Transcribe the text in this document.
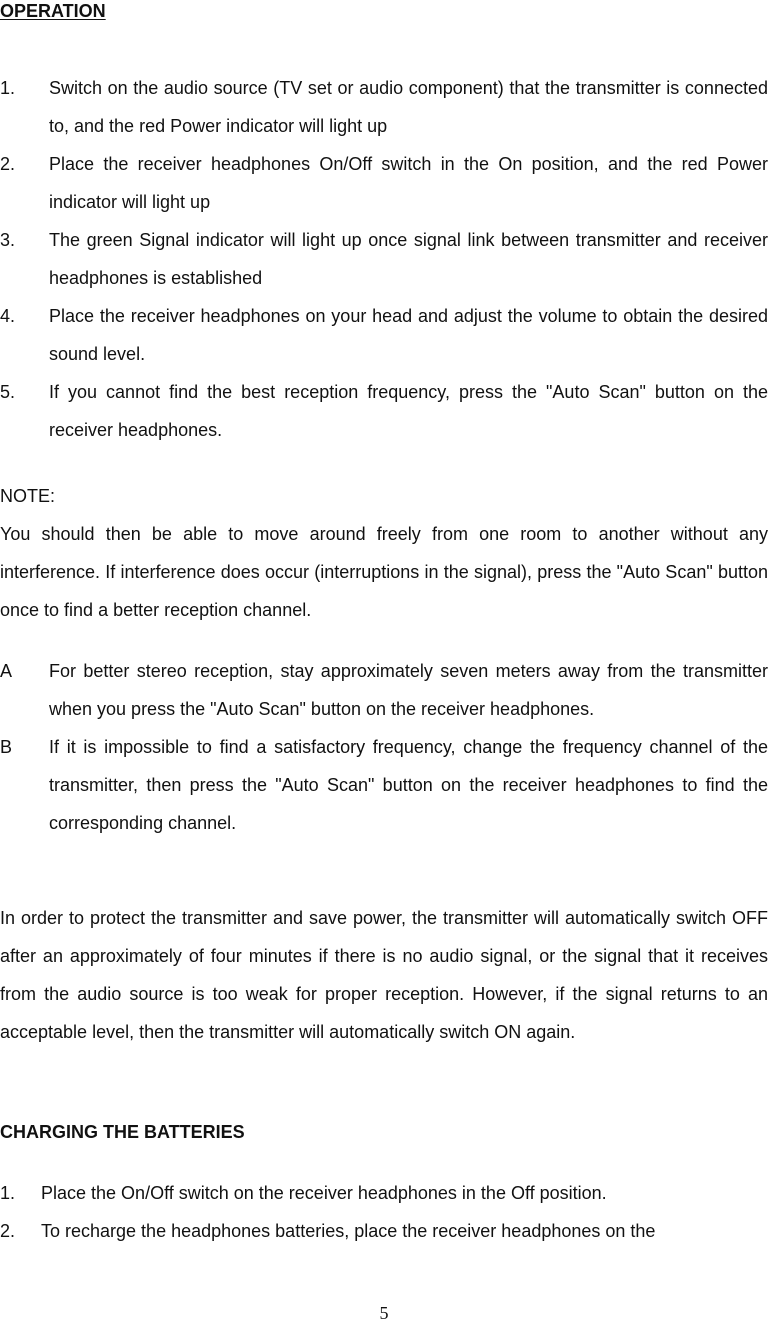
OPERATION
1.	Switch on the audio source (TV set or audio component) that the transmitter is connected to, and the red Power indicator will light up
2.	Place the receiver headphones On/Off switch in the On position, and the red Power indicator will light up
3.	The green Signal indicator will light up once signal link between transmitter and receiver headphones is established
4.	Place the receiver headphones on your head and adjust the volume to obtain the desired sound level.
5.	If you cannot find the best reception frequency, press the "Auto Scan" button on the receiver headphones.

NOTE:

You should then be able to move around freely from one room to another without any interference. If interference does occur (interruptions in the signal), press the "Auto Scan" button once to find a better reception channel.

A	For better stereo reception, stay approximately seven meters away from the transmitter when you press the "Auto Scan" button on the receiver headphones.
B	If it is impossible to find a satisfactory frequency, change the frequency channel of the transmitter, then press the "Auto Scan" button on the receiver headphones to find the corresponding channel.

In order to protect the transmitter and save power, the transmitter will automatically switch OFF after an approximately of four minutes if there is no audio signal, or the signal that it receives from the audio source is too weak for proper reception. However, if the signal returns to an acceptable level, then the transmitter will automatically switch ON again.

CHARGING THE BATTERIES
1.	Place the On/Off switch on the receiver headphones in the Off position.
2.	To recharge the headphones batteries, place the receiver headphones on the
5
